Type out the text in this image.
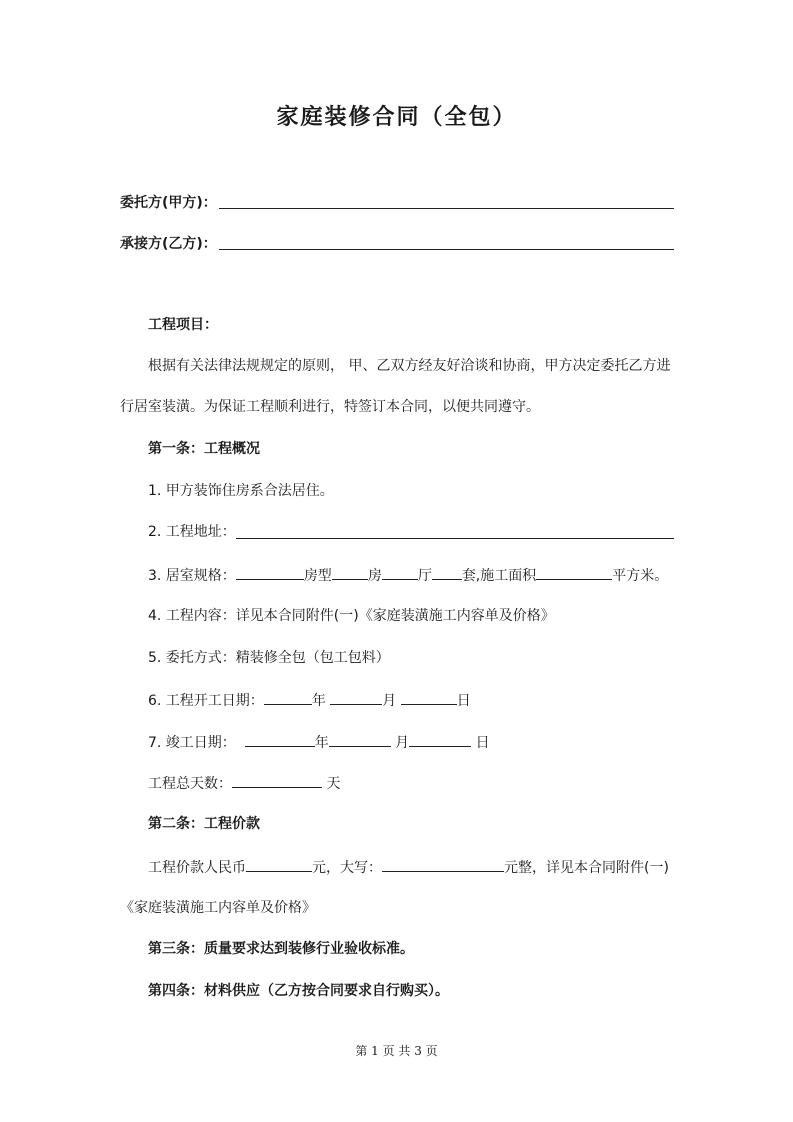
家庭装修合同（全包）
委托方(甲方)：
承接方(乙方)：
工程项目：
根据有关法律法规规定的原则， 甲、乙双方经友好洽谈和协商，甲方决定委托乙方进
行居室装潢。为保证工程顺利进行，特签订本合同，以便共同遵守。
第一条：工程概况
1. 甲方装饰住房系合法居住。
2. 工程地址：
3. 居室规格：	房型	房	厅 套,施工面积	平方米。
4. 工程内容：详见本合同附件(一)《家庭装潢施工内容单及价格》
5. 委托方式：精装修全包（包工包料）
6. 工程开工日期：	年	月	日
7. 竣工日期：	年	月	日
工程总天数：	天
第二条：工程价款
工程价款人民币	元，大写：	元整，详见本合同附件(一)
《家庭装潢施工内容单及价格》
第三条：质量要求达到装修行业验收标准。
第四条：材料供应（乙方按合同要求自行购买）。
第 1 页 共 3 页
